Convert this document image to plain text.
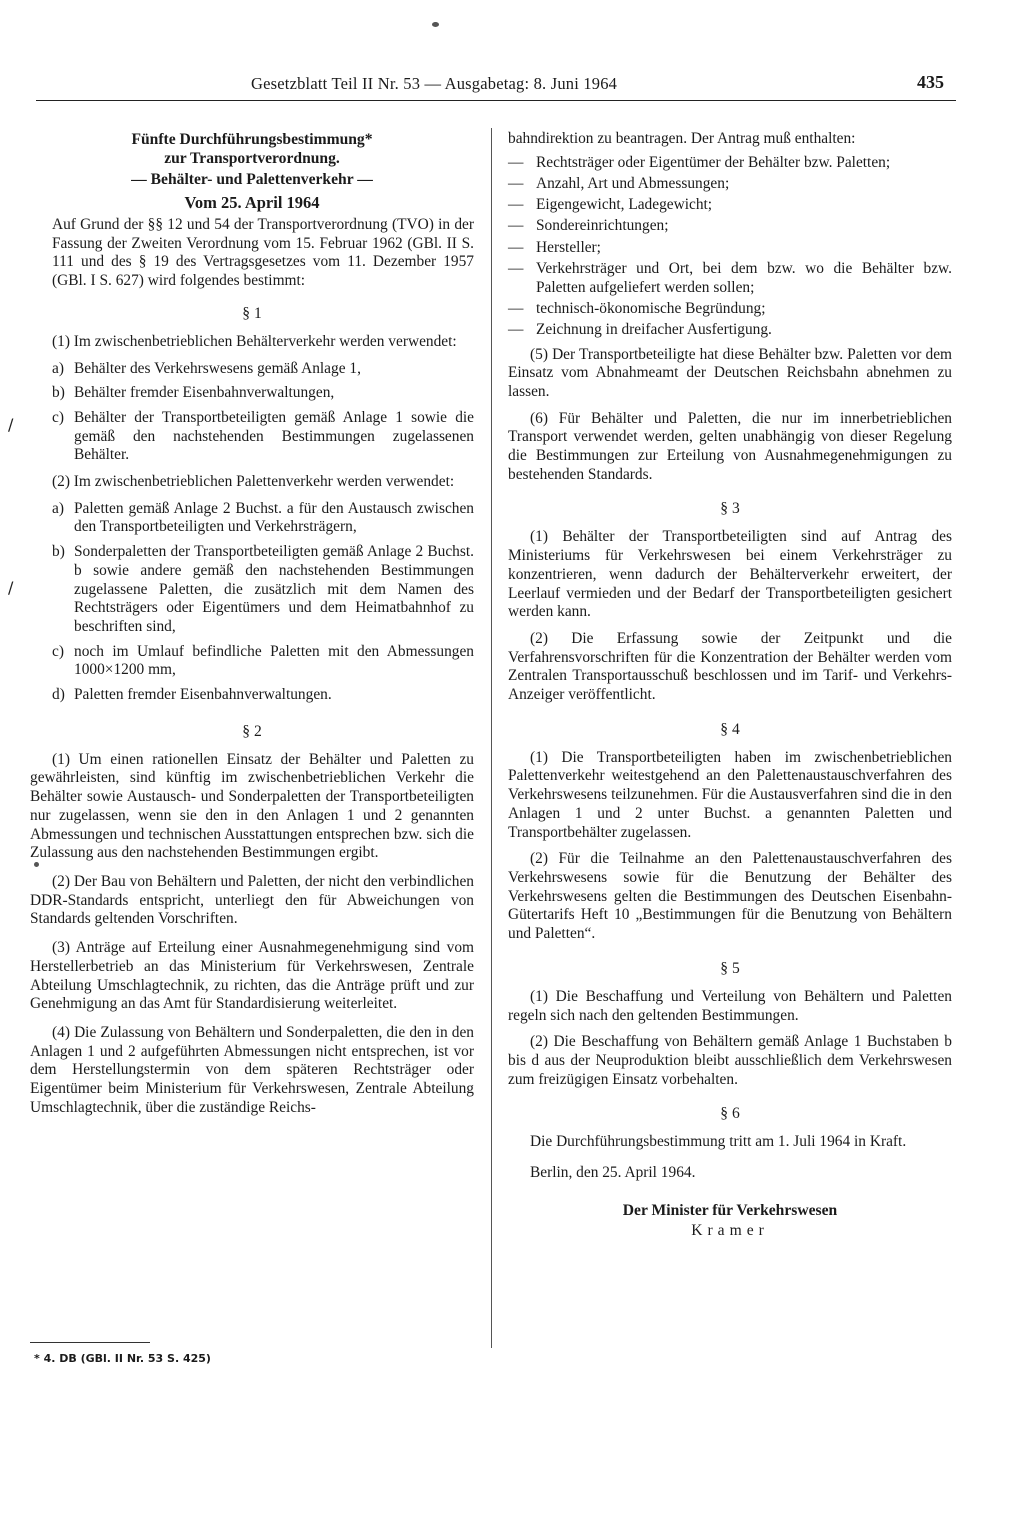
Gesetzblatt Teil II Nr. 53 — Ausgabetag: 8. Juni 1964	435
Fünfte Durchführungsbestimmung*
zur Transportverordnung.
— Behälter- und Palettenverkehr —
Vom 25. April 1964

Auf Grund der §§ 12 und 54 der Transportverordnung (TVO) in der Fassung der Zweiten Verordnung vom 15. Februar 1962 (GBl. II S. 111 und des § 19 des Vertragsgesetzes vom 11. Dezember 1957 (GBl. I S. 627) wird folgendes bestimmt:

§ 1

(1) Im zwischenbetrieblichen Behälterverkehr werden verwendet:

a) Behälter des Verkehrswesens gemäß Anlage 1,
b) Behälter fremder Eisenbahnverwaltungen,
c) Behälter der Transportbeteiligten gemäß Anlage 1 sowie die gemäß den nachstehenden Bestimmungen zugelassenen Behälter.

(2) Im zwischenbetrieblichen Palettenverkehr werden verwendet:

a) Paletten gemäß Anlage 2 Buchst. a für den Austausch zwischen den Transportbeteiligten und Verkehrsträgern,
b) Sonderpaletten der Transportbeteiligten gemäß Anlage 2 Buchst. b sowie andere gemäß den nachstehenden Bestimmungen zugelassene Paletten, die zusätzlich mit dem Namen des Rechtsträgers oder Eigentümers und dem Heimatbahnhof zu beschriften sind,
c) noch im Umlauf befindliche Paletten mit den Abmessungen 1000×1200 mm,
d) Paletten fremder Eisenbahnverwaltungen.
§ 2

(1) Um einen rationellen Einsatz der Behälter und Paletten zu gewährleisten, sind künftig im zwischenbetrieblichen Verkehr die Behälter sowie Austausch- und Sonderpaletten der Transportbeteiligten nur zugelassen, wenn sie den in den Anlagen 1 und 2 genannten Abmessungen und technischen Ausstattungen entsprechen bzw. sich die Zulassung aus den nachstehenden Bestimmungen ergibt.

(2) Der Bau von Behältern und Paletten, der nicht den verbindlichen DDR-Standards entspricht, unterliegt den für Abweichungen von Standards geltenden Vorschriften.

(3) Anträge auf Erteilung einer Ausnahmegenehmigung sind vom Herstellerbetrieb an das Ministerium für Verkehrswesen, Zentrale Abteilung Umschlagtechnik, zu richten, das die Anträge prüft und zur Genehmigung an das Amt für Standardisierung weiterleitet.

(4) Die Zulassung von Behältern und Sonderpaletten, die den in den Anlagen 1 und 2 aufgeführten Abmessungen nicht entsprechen, ist vor dem Herstellungstermin von dem späteren Rechtsträger oder Eigentümer beim Ministerium für Verkehrswesen, Zentrale Abteilung Umschlagtechnik, über die zuständige Reichs-

bahndirektion zu beantragen. Der Antrag muß enthalten:

— Rechtsträger oder Eigentümer der Behälter bzw. Paletten;
— Anzahl, Art und Abmessungen;
— Eigengewicht, Ladegewicht;
— Sondereinrichtungen;
— Hersteller;
— Verkehrsträger und Ort, bei dem bzw. wo die Behälter bzw. Paletten aufgeliefert werden sollen;
— technisch-ökonomische Begründung;
— Zeichnung in dreifacher Ausfertigung.

(5) Der Transportbeteiligte hat diese Behälter bzw. Paletten vor dem Einsatz vom Abnahmeamt der Deutschen Reichsbahn abnehmen zu lassen.

(6) Für Behälter und Paletten, die nur im innerbetrieblichen Transport verwendet werden, gelten unabhängig von dieser Regelung die Bestimmungen zur Erteilung von Ausnahmegenehmigungen zu bestehenden Standards.

§ 3

(1) Behälter der Transportbeteiligten sind auf Antrag des Ministeriums für Verkehrswesen bei einem Verkehrsträger zu konzentrieren, wenn dadurch der Behälterverkehr erweitert, der Leerlauf vermieden und der Bedarf der Transportbeteiligten gesichert werden kann.

(2) Die Erfassung sowie der Zeitpunkt und die Verfahrensvorschriften für die Konzentration der Behälter werden vom Zentralen Transportausschuß beschlossen und im Tarif- und Verkehrs-Anzeiger veröffentlicht.

§ 4

(1) Die Transportbeteiligten haben im zwischenbetrieblichen Palettenverkehr weitestgehend an den Palettenaustauschverfahren des Verkehrswesens teilzunehmen. Für die Austausverfahren sind die in den Anlagen 1 und 2 unter Buchst. a genannten Paletten und Transportbehälter zugelassen.

(2) Für die Teilnahme an den Palettenaustauschverfahren des Verkehrswesens sowie für die Benutzung der Behälter des Verkehrswesens gelten die Bestimmungen des Deutschen Eisenbahn-Gütertarifs Heft 10 „Bestimmungen für die Benutzung von Behältern und Paletten“.

§ 5

(1) Die Beschaffung und Verteilung von Behältern und Paletten regeln sich nach den geltenden Bestimmungen.

(2) Die Beschaffung von Behältern gemäß Anlage 1 Buchstaben b bis d aus der Neuproduktion bleibt ausschließlich dem Verkehrswesen zum freizügigen Einsatz vorbehalten.

§ 6

Die Durchführungsbestimmung tritt am 1. Juli 1964 in Kraft.

Berlin, den 25. April 1964.

Der Minister für Verkehrswesen
Kramer
* 4. DB (GBl. II Nr. 53 S. 425)
/
/
